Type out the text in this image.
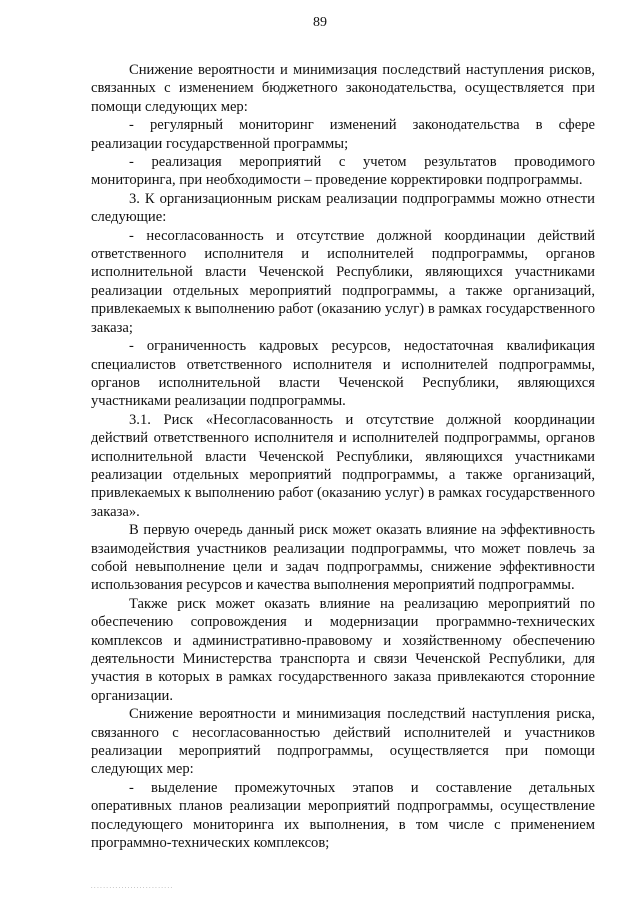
89

Снижение вероятности и минимизация последствий наступления рисков, связанных с изменением бюджетного законодательства, осуществляется при помощи следующих мер:

- регулярный мониторинг изменений законодательства в сфере реализации государственной программы;

- реализация мероприятий с учетом результатов проводимого мониторинга, при необходимости – проведение корректировки подпрограммы.

3. К организационным рискам реализации подпрограммы можно отнести следующие:

- несогласованность и отсутствие должной координации действий ответственного исполнителя и исполнителей подпрограммы, органов исполнительной власти Чеченской Республики, являющихся участниками реализации отдельных мероприятий подпрограммы, а также организаций, привлекаемых к выполнению работ (оказанию услуг) в рамках государственного заказа;

- ограниченность кадровых ресурсов, недостаточная квалификация специалистов ответственного исполнителя и исполнителей подпрограммы, органов исполнительной власти Чеченской Республики, являющихся участниками реализации подпрограммы.

3.1. Риск «Несогласованность и отсутствие должной координации действий ответственного исполнителя и исполнителей подпрограммы, органов исполнительной власти Чеченской Республики, являющихся участниками реализации отдельных мероприятий подпрограммы, а также организаций, привлекаемых к выполнению работ (оказанию услуг) в рамках государственного заказа».

В первую очередь данный риск может оказать влияние на эффективность взаимодействия участников реализации подпрограммы, что может повлечь за собой невыполнение цели и задач подпрограммы, снижение эффективности использования ресурсов и качества выполнения мероприятий подпрограммы.

Также риск может оказать влияние на реализацию мероприятий по обеспечению сопровождения и модернизации программно-технических комплексов и административно-правовому и хозяйственному обеспечению деятельности Министерства транспорта и связи Чеченской Республики, для участия в которых в рамках государственного заказа привлекаются сторонние организации.

Снижение вероятности и минимизация последствий наступления риска, связанного с несогласованностью действий исполнителей и участников реализации мероприятий подпрограммы, осуществляется при помощи следующих мер:

- выделение промежуточных этапов и составление детальных оперативных планов реализации мероприятий подпрограммы, осуществление последующего мониторинга их выполнения, в том числе с применением программно-технических комплексов;

· · · · · · · · · · · · · · · · · · · · · · · · · · ·
